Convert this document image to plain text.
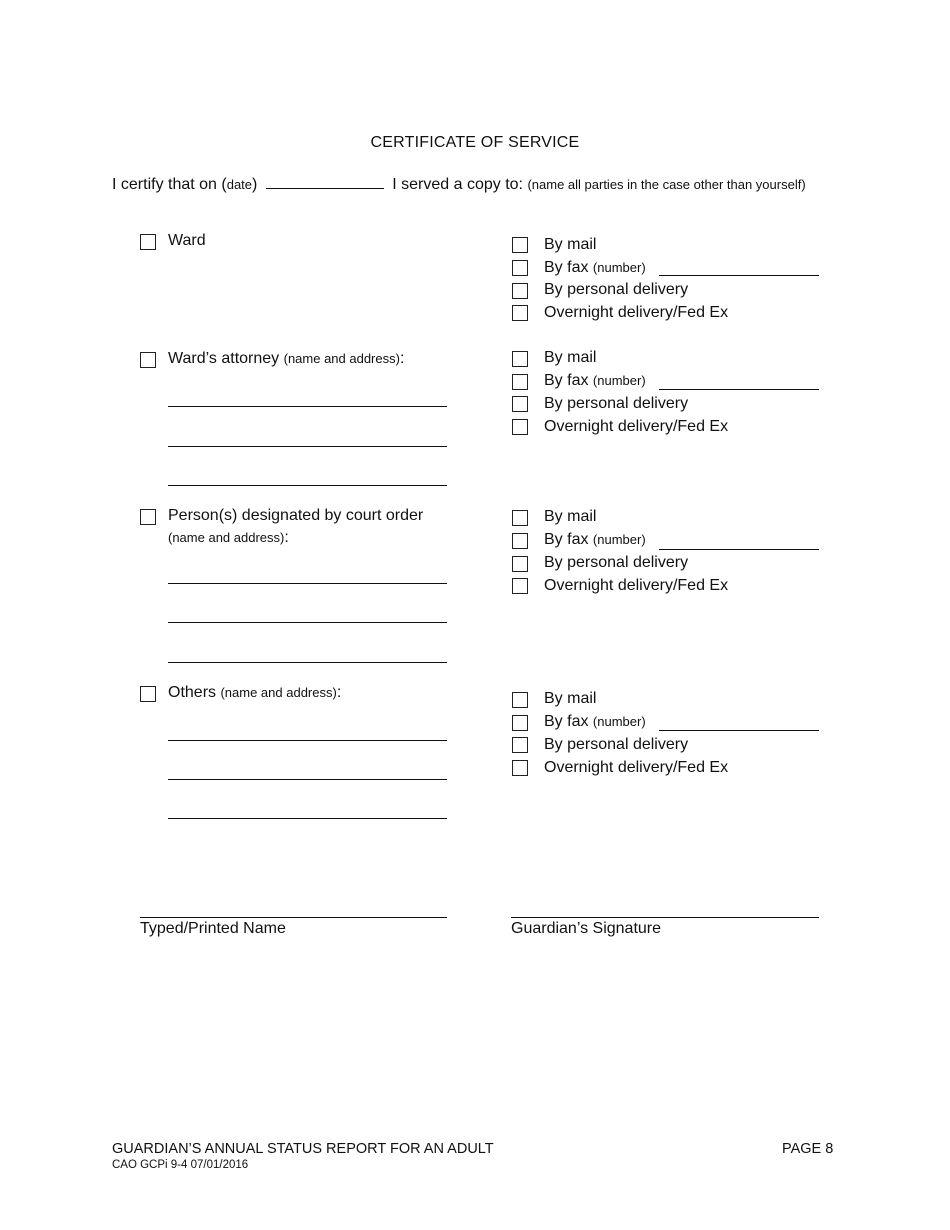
CERTIFICATE OF SERVICE
I certify that on (date)	I served a copy to: (name all parties in the case other than yourself)
Ward	By mail
By fax (number)
By personal delivery
Overnight delivery/Fed Ex
Ward’s attorney (name and address):	By mail
By fax (number)
By personal delivery
Overnight delivery/Fed Ex
Person(s) designated by court order
(name and address):
By mail
By fax (number)
By personal delivery
Overnight delivery/Fed Ex
Others (name and address):	By mail
By fax (number)
By personal delivery
Overnight delivery/Fed Ex
Typed/Printed Name	Guardian’s Signature
GUARDIAN’S ANNUAL STATUS REPORT FOR AN ADULT
CAO GCPi 9-4 07/01/2016
PAGE 8
